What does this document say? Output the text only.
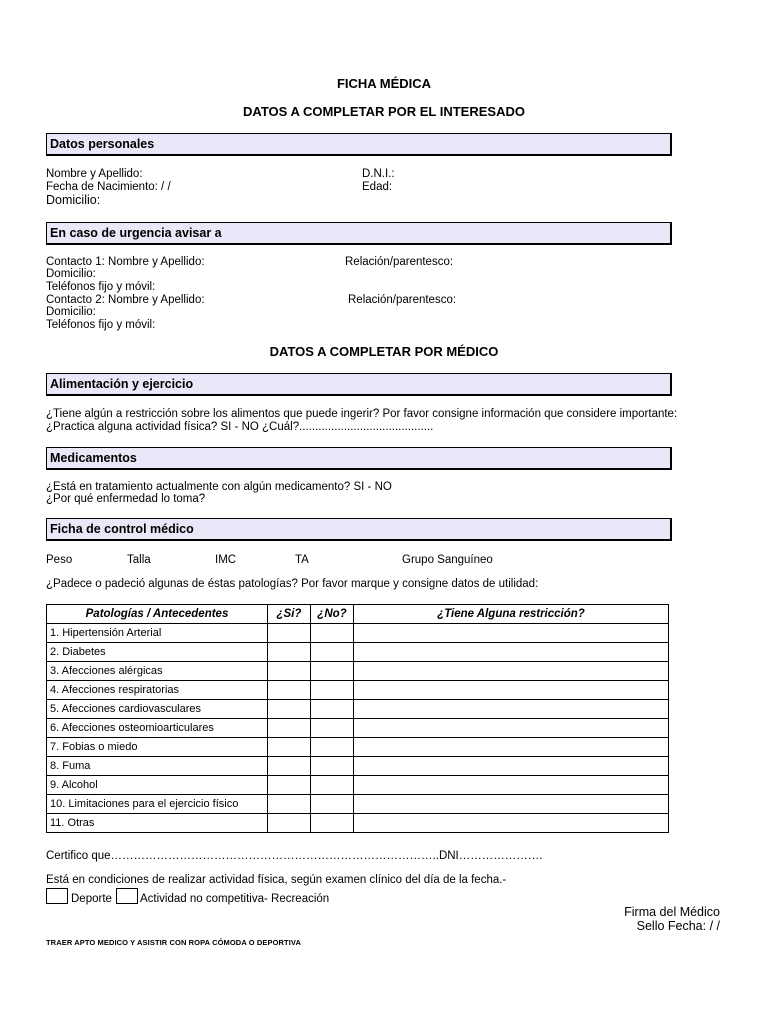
FICHA MÉDICA
DATOS A COMPLETAR POR EL INTERESADO
Datos personales
Nombre y Apellido:	D.N.I.:
Fecha de Nacimiento: / /	Edad:
Domicilio:
En caso de urgencia avisar a
Contacto 1: Nombre y Apellido:	Relación/parentesco:
Domicilio:
Teléfonos fijo y móvil:
Contacto 2: Nombre y Apellido:	Relación/parentesco:
Domicilio:
Teléfonos fijo y móvil:
DATOS A COMPLETAR POR MÉDICO
Alimentación y ejercicio
¿Tiene algún a restricción sobre los alimentos que puede ingerir? Por favor consigne información que considere importante:
¿Practica alguna actividad física? SI - NO ¿Cuál?..........................................
Medicamentos
¿Está en tratamiento actualmente con algún medicamento? SI - NO
¿Por qué enfermedad lo toma?
Ficha de control médico
Peso	Talla	IMC	TA	Grupo Sanguíneo
¿Padece o padeció algunas de éstas patologías? Por favor marque y consigne datos de utilidad:
Patologías / Antecedentes	¿Si?	¿No?	¿Tiene Alguna restricción?
1. Hipertensión Arterial			
2. Diabetes			
3. Afecciones alérgicas			
4. Afecciones respiratorias			
5. Afecciones cardiovasculares			
6. Afecciones osteomioarticulares			
7. Fobias o miedo			
8. Fuma			
9. Alcohol			
10. Limitaciones para el ejercicio físico			
11. Otras			
Certifico que…………………………………………………………………………..DNI………………….
Está en condiciones de realizar actividad física, según examen clínico del día de la fecha.-
Deporte Actividad no competitiva- Recreación
Firma del Médico
Sello Fecha: / /
TRAER APTO MEDICO Y ASISTIR CON ROPA CÓMODA O DEPORTIVA
